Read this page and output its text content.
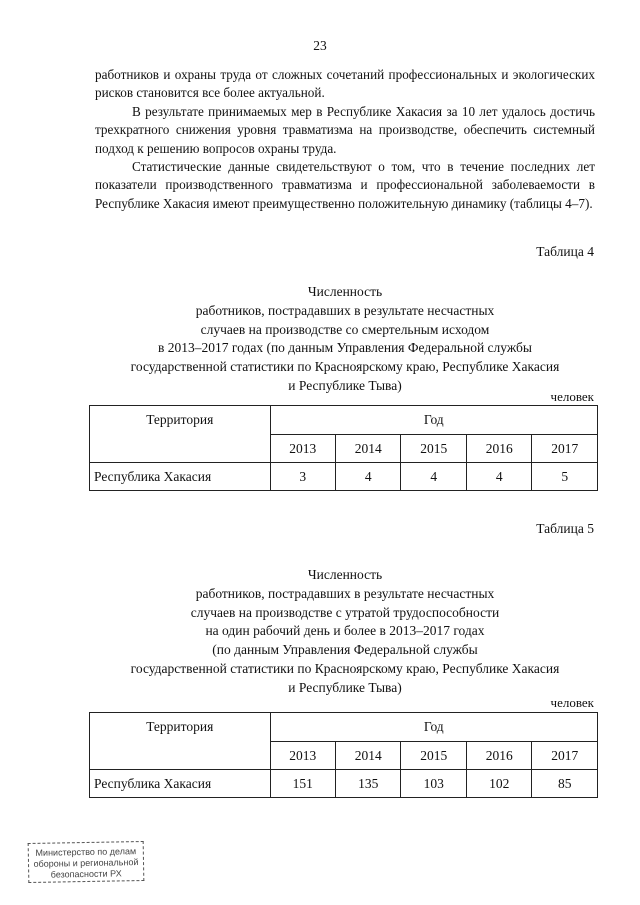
23

работников и охраны труда от сложных сочетаний профессиональных и экологических рисков становится все более актуальной.

В результате принимаемых мер в Республике Хакасия за 10 лет удалось достичь трехкратного снижения уровня травматизма на производстве, обеспечить системный подход к решению вопросов охраны труда.

Статистические данные свидетельствуют о том, что в течение последних лет показатели производственного травматизма и профессиональной заболеваемости в Республике Хакасия имеют преимущественно положительную динамику (таблицы 4–7).

Таблица 4
Численность
работников, пострадавших в результате несчастных
случаев на производстве со смертельным исходом
в 2013–2017 годах (по данным Управления Федеральной службы
государственной статистики по Красноярскому краю, Республике Хакасия
и Республике Тыва)
человек
Территория	Год				
	2013	2014	2015	2016	2017
Республика Хакасия	3	4	4	4	5
Таблица 5
Численность
работников, пострадавших в результате несчастных
случаев на производстве с утратой трудоспособности
на один рабочий день и более в 2013–2017 годах
(по данным Управления Федеральной службы
государственной статистики по Красноярскому краю, Республике Хакасия
и Республике Тыва)
человек
Территория	Год				
	2013	2014	2015	2016	2017
Республика Хакасия	151	135	103	102	85
Министерство по делам
обороны и региональной
безопасности РХ
